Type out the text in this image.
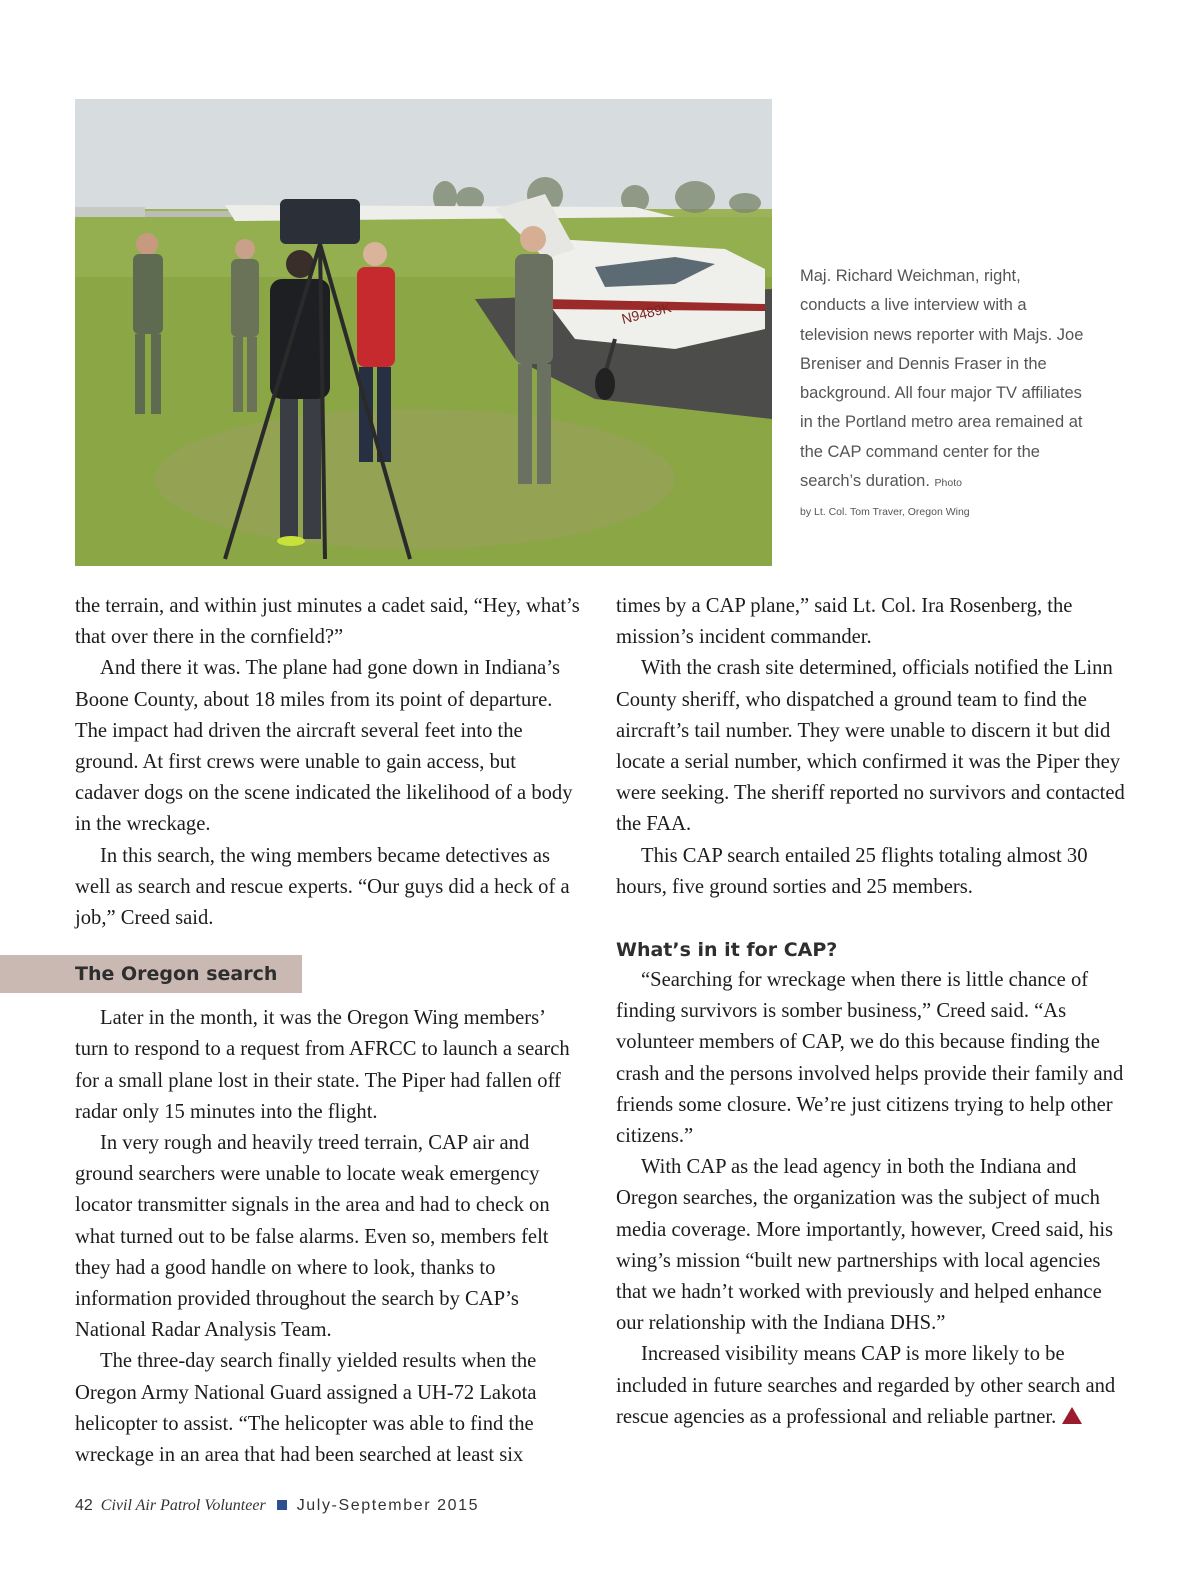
N9489K
Maj. Richard Weichman, right, conducts a live interview with a television news reporter with Majs. Joe Breniser and Dennis Fraser in the background. All four major TV affiliates in the Portland metro area remained at the CAP command center for the search’s duration. Photo
by Lt. Col. Tom Traver, Oregon Wing

the terrain, and within just minutes a cadet said, “Hey, what’s that over there in the cornfield?”

And there it was. The plane had gone down in Indiana’s Boone County, about 18 miles from its point of departure. The impact had driven the aircraft several feet into the ground. At first crews were unable to gain access, but cadaver dogs on the scene indicated the likelihood of a body in the wreckage.

In this search, the wing members became detectives as well as search and rescue experts. “Our guys did a heck of a job,” Creed said.

The Oregon search

Later in the month, it was the Oregon Wing members’ turn to respond to a request from AFRCC to launch a search for a small plane lost in their state. The Piper had fallen off radar only 15 minutes into the flight.

In very rough and heavily treed terrain, CAP air and ground searchers were unable to locate weak emergency locator transmitter signals in the area and had to check on what turned out to be false alarms. Even so, members felt they had a good handle on where to look, thanks to information provided throughout the search by CAP’s National Radar Analysis Team.

The three-day search finally yielded results when the Oregon Army National Guard assigned a UH-72 Lakota helicopter to assist. “The helicopter was able to find the wreckage in an area that had been searched at least six

times by a CAP plane,” said Lt. Col. Ira Rosenberg, the mission’s incident commander.

With the crash site determined, officials notified the Linn County sheriff, who dispatched a ground team to find the aircraft’s tail number. They were unable to discern it but did locate a serial number, which confirmed it was the Piper they were seeking. The sheriff reported no survivors and contacted the FAA.

This CAP search entailed 25 flights totaling almost 30 hours, five ground sorties and 25 members.

What’s in it for CAP?

“Searching for wreckage when there is little chance of finding survivors is somber business,” Creed said. “As volunteer members of CAP, we do this because finding the crash and the persons involved helps provide their family and friends some closure. We’re just citizens trying to help other citizens.”

With CAP as the lead agency in both the Indiana and Oregon searches, the organization was the subject of much media coverage. More importantly, however, Creed said, his wing’s mission “built new partnerships with local agencies that we hadn’t worked with previously and helped enhance our relationship with the Indiana DHS.”

Increased visibility means CAP is more likely to be included in future searches and regarded by other search and rescue agencies as a professional and reliable partner.

42 Civil Air Patrol Volunteer July-September 2015
